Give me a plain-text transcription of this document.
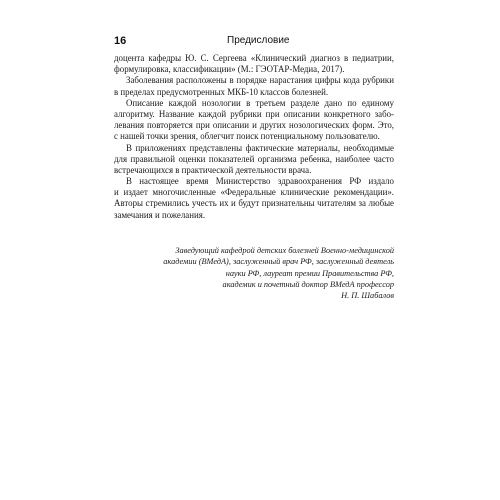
16	Предисловие

доцента кафедры Ю. С. Сергеева «Клинический диагноз в педиатрии,
формулировка, классификации» (М.: ГЭОТАР-Медиа, 2017).

Заболевания расположены в порядке нарастания цифры кода рубрики
в пределах предусмотренных МКБ-10 классов болезней.

Описание каждой нозологии в третьем разделе дано по единому
алгоритму. Название каждой рубрики при описании конкретного забо-
левания повторяется при описании и других нозологических форм. Это,
с нашей точки зрения, облегчит поиск потенциальному пользователю.

В приложениях представлены фактические материалы, необходимые
для правильной оценки показателей организма ребенка, наиболее часто
встречающихся в практической деятельности врача.

В настоящее время Министерство здравоохранения РФ издало
и издает многочисленные «Федеральные клинические рекомендации».
Авторы стремились учесть их и будут признательны читателям за любые
замечания и пожелания.

Заведующий кафедрой детских болезней Военно-медицинской
академии (ВМедА), заслуженный врач РФ, заслуженный деятель
науки РФ, лауреат премии Правительства РФ,
академик и почетный доктор ВМедА профессор
Н. П. Шабалов
